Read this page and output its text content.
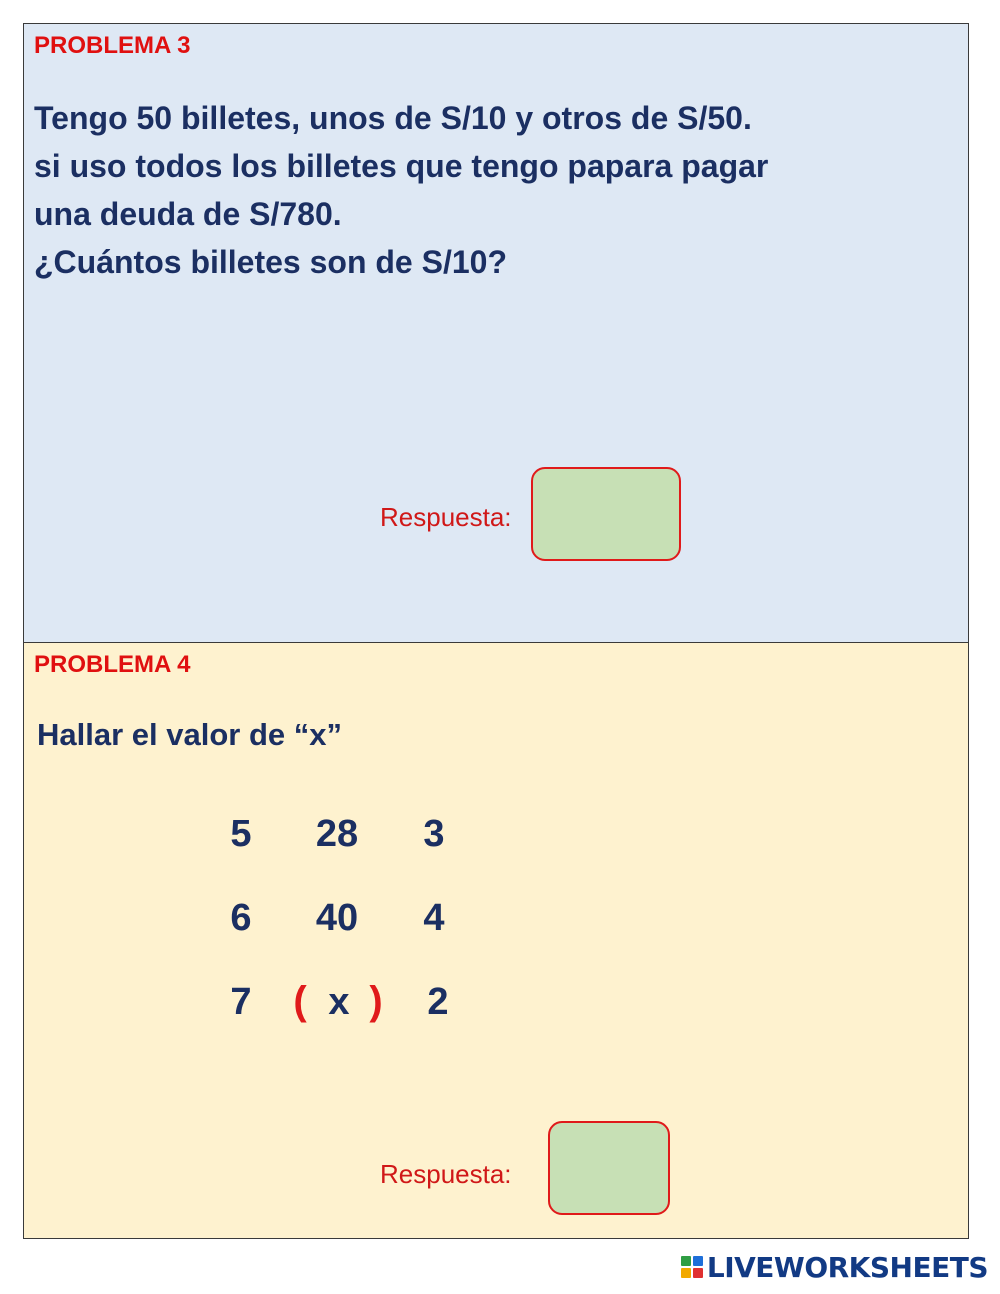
PROBLEMA 3
Tengo 50 billetes, unos de S/10 y otros de S/50.
si uso todos los billetes que tengo papara pagar
una deuda de S/780.
¿Cuántos billetes son de S/10?
Respuesta:
PROBLEMA 4
Hallar el valor de “x”
5 28 3
6 40 4
7 ( x ) 2
Respuesta:
LIVEWORKSHEETS
